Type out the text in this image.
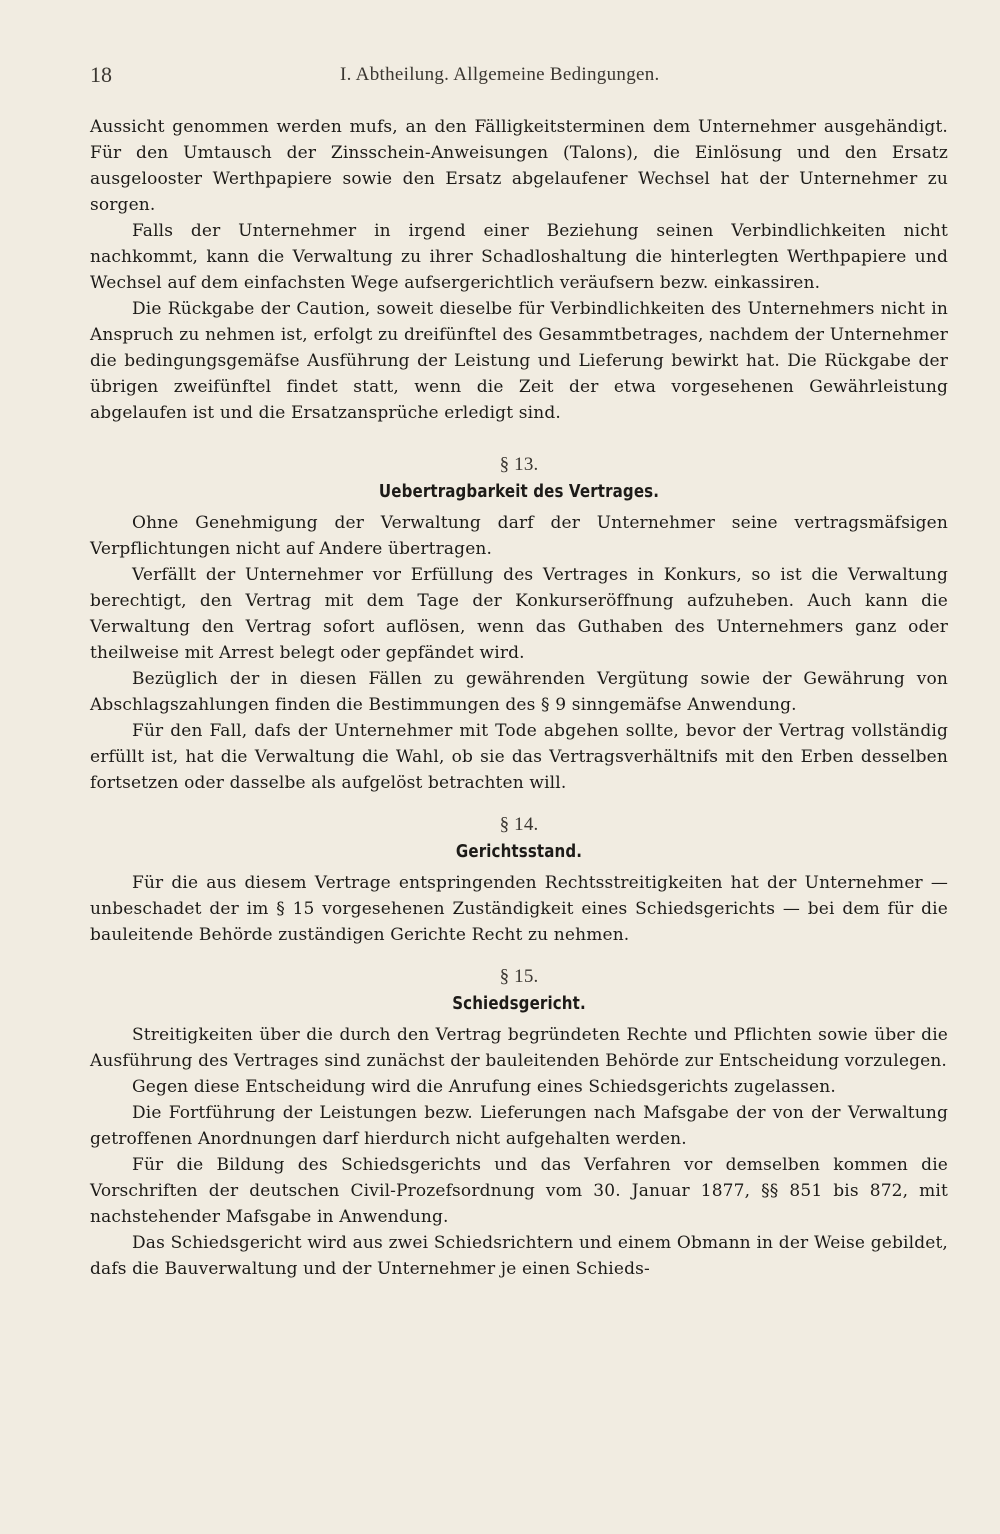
18	I. Abtheilung. Allgemeine Bedingungen.

Aussicht genommen werden mufs, an den Fälligkeitsterminen dem Unternehmer ausgehändigt. Für den Umtausch der Zinsschein-Anweisungen (Talons), die Einlösung und den Ersatz ausgelooster Werthpapiere sowie den Ersatz abgelaufener Wechsel hat der Unternehmer zu sorgen.

Falls der Unternehmer in irgend einer Beziehung seinen Verbindlichkeiten nicht nachkommt, kann die Verwaltung zu ihrer Schadloshaltung die hinterlegten Werthpapiere und Wechsel auf dem einfachsten Wege aufsergerichtlich veräufsern bezw. einkassiren.

Die Rückgabe der Caution, soweit dieselbe für Verbindlichkeiten des Unternehmers nicht in Anspruch zu nehmen ist, erfolgt zu dreifünftel des Gesammtbetrages, nachdem der Unternehmer die bedingungsgemäfse Ausführung der Leistung und Lieferung bewirkt hat. Die Rückgabe der übrigen zweifünftel findet statt, wenn die Zeit der etwa vorgesehenen Gewährleistung abgelaufen ist und die Ersatzansprüche erledigt sind.

§ 13.
Uebertragbarkeit des Vertrages.

Ohne Genehmigung der Verwaltung darf der Unternehmer seine vertragsmäfsigen Verpflichtungen nicht auf Andere übertragen.

Verfällt der Unternehmer vor Erfüllung des Vertrages in Konkurs, so ist die Verwaltung berechtigt, den Vertrag mit dem Tage der Konkurseröffnung aufzuheben. Auch kann die Verwaltung den Vertrag sofort auflösen, wenn das Guthaben des Unternehmers ganz oder theilweise mit Arrest belegt oder gepfändet wird.

Bezüglich der in diesen Fällen zu gewährenden Vergütung sowie der Gewährung von Abschlagszahlungen finden die Bestimmungen des § 9 sinngemäfse Anwendung.

Für den Fall, dafs der Unternehmer mit Tode abgehen sollte, bevor der Vertrag vollständig erfüllt ist, hat die Verwaltung die Wahl, ob sie das Vertragsverhältnifs mit den Erben desselben fortsetzen oder dasselbe als aufgelöst betrachten will.

§ 14.
Gerichtsstand.

Für die aus diesem Vertrage entspringenden Rechtsstreitigkeiten hat der Unternehmer — unbeschadet der im § 15 vorgesehenen Zuständigkeit eines Schiedsgerichts — bei dem für die bauleitende Behörde zuständigen Gerichte Recht zu nehmen.

§ 15.
Schiedsgericht.

Streitigkeiten über die durch den Vertrag begründeten Rechte und Pflichten sowie über die Ausführung des Vertrages sind zunächst der bauleitenden Behörde zur Entscheidung vorzulegen.

Gegen diese Entscheidung wird die Anrufung eines Schiedsgerichts zugelassen.

Die Fortführung der Leistungen bezw. Lieferungen nach Mafsgabe der von der Verwaltung getroffenen Anordnungen darf hierdurch nicht aufgehalten werden.

Für die Bildung des Schiedsgerichts und das Verfahren vor demselben kommen die Vorschriften der deutschen Civil-Prozefsordnung vom 30. Januar 1877, §§ 851 bis 872, mit nachstehender Mafsgabe in Anwendung.

Das Schiedsgericht wird aus zwei Schiedsrichtern und einem Obmann in der Weise gebildet, dafs die Bauverwaltung und der Unternehmer je einen Schieds-
